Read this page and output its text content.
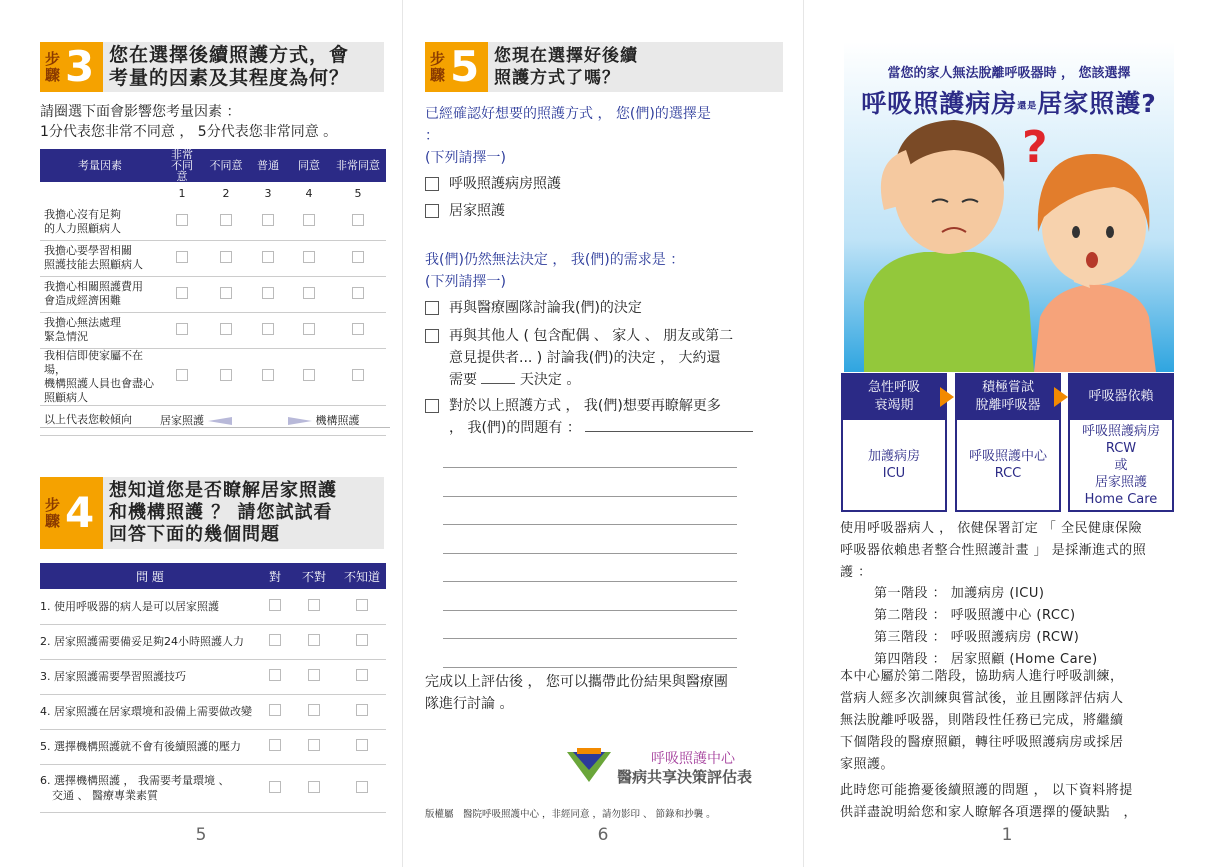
步驟 3 您在選擇後續照護方式，會
考量的因素及其程度為何？
請圈選下面會影響您考量因素 ：
1分代表您非常不同意 ， 5分代表您非常同意 。
考量因素	非常不同意	不同意	普通	同意	非常同意
	1	2	3	4	5

我擔心沒有足夠
的人力照顧病人					

我擔心要學習相關
照護技能去照顧病人					

我擔心相關照護費用
會造成經濟困難					

我擔心無法處理
緊急情況					

我相信即使家屬不在場，
機構照護人員也會盡心
照顧病人					

以上代表您較傾向	居家照護			機構照護	
步驟 4 想知道您是否瞭解居家照護
和機構照護 ？ 請您試試看
回答下面的幾個問題
問 題	對	不對	不知道
1. 使用呼吸器的病人是可以居家照護			
2. 居家照護需要備妥足夠24小時照護人力			
3. 居家照護需要學習照護技巧			
4. 居家照護在居家環境和設備上需要做改變			
5. 選擇機構照護就不會有後續照護的壓力			

6. 選擇機構照護 ， 我需要考量環境 、
交通 、 醫療專業素質			

5
步驟 5 您現在選擇好後續
照護方式了嗎？
已經確認好想要的照護方式 ， 您(們)的選擇是
：
(下列請擇一)
呼吸照護病房照護
居家照護
我(們)仍然無法決定 ， 我(們)的需求是 ：
(下列請擇一)
再與醫療團隊討論我(們)的決定
再與其他人 ( 包含配偶 、 家人 、 朋友或第二
意見提供者... ) 討論我(們)的決定 ， 大約還
需要	天決定 。
對於以上照護方式 ， 我(們)想要再瞭解更多
， 我(們)的問題有 ：
完成以上評估後 ， 您可以攜帶此份結果與醫療團
隊進行討論 。
呼吸照護中心
醫病共享決策評估表
版權屬　醫院呼吸照護中心 ，非經同意 ，請勿影印 、 節錄和抄襲 。
6
當您的家人無法脫離呼吸器時 ， 您該選擇
呼吸照護病房還是居家照護?
?
急性呼吸
衰竭期
加護病房
ICU
積極嘗試
脫離呼吸器
呼吸照護中心
RCC
呼吸器依賴
呼吸照護病房
RCW
或
居家照護
Home Care
使用呼吸器病人 ， 依健保署訂定 「 全民健康保險
呼吸器依賴患者整合性照護計畫 」 是採漸進式的照
護 ：
第一階段 ： 加護病房 (ICU)
第二階段 ： 呼吸照護中心 (RCC)
第三階段 ： 呼吸照護病房 (RCW)
第四階段 ： 居家照顧 (Home Care)
本中心屬於第二階段，協助病人進行呼吸訓練，
當病人經多次訓練與嘗試後，並且團隊評估病人
無法脫離呼吸器，則階段性任務已完成，將繼續
下個階段的醫療照顧，轉往呼吸照護病房或採居
家照護。
此時您可能擔憂後續照護的問題 ， 以下資料將提
供詳盡說明給您和家人瞭解各項選擇的優缺點　，
1
